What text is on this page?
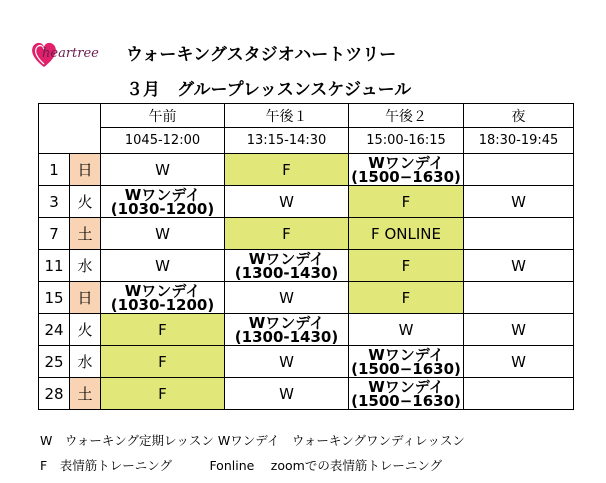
heartree ウォーキングスタジオハートツリー
３月　グループレッスンスケジュール
		午前	午後１	午後２	夜
		1045-12:00	13:15-14:30	15:00-16:15	18:30-19:45
1	日	W	F	Wワンデイ
(1500−1630)	

3	火	Wワンデイ
(1030-1200)	W	F	W
7	土	W	F	F ONLINE	
11	水	W	Wワンデイ
(1300-1430)	F	W
15	日	Wワンデイ
(1030-1200)	W	F	
24	火	F	Wワンデイ
(1300-1430)	W	W
25	水	F	W	Wワンデイ
(1500−1630)	W
28	土	F	W	Wワンデイ
(1500−1630)	

W　ウォーキング定期レッスン Wワンデイ　ウォーキングワンディレッスン
F　表情筋トレーニング　　　Fonline　 zoomでの表情筋トレーニング
